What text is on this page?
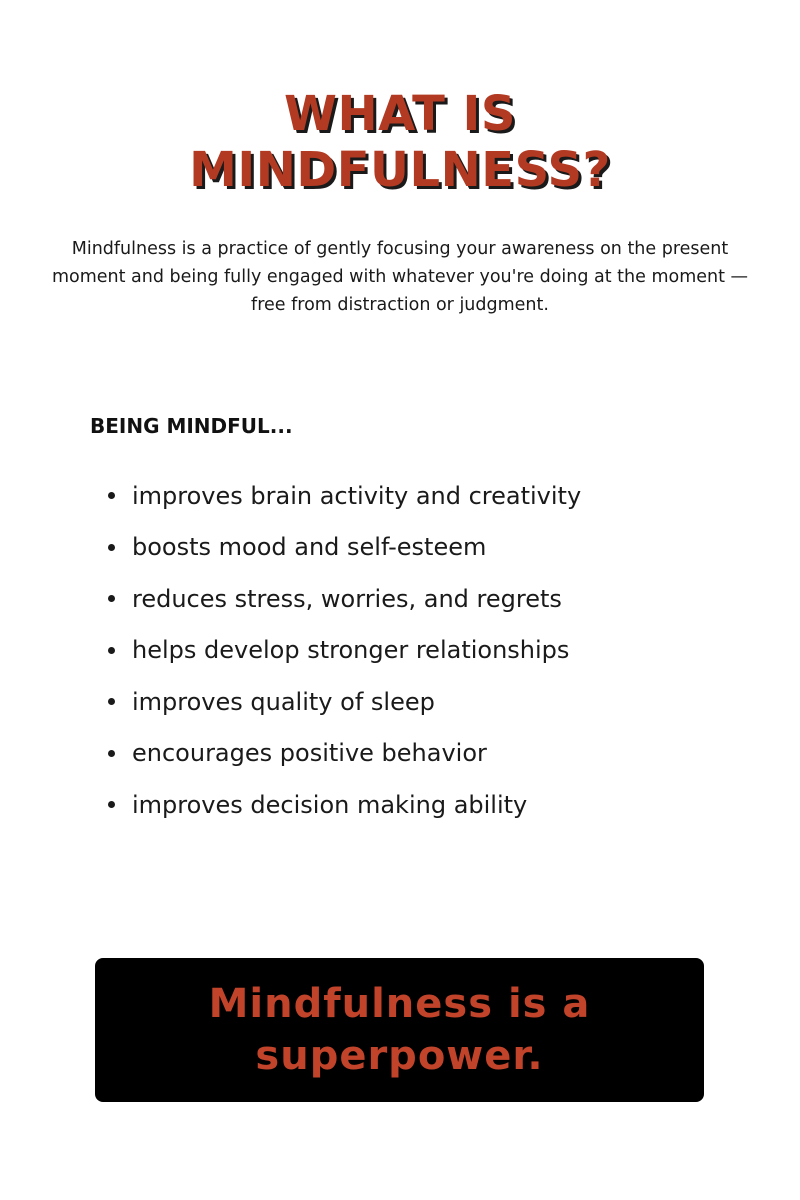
WHAT IS
MINDFULNESS?

Mindfulness is a practice of gently focusing your awareness on the present moment and being fully engaged with whatever you're doing at the moment — free from distraction or judgment.

BEING MINDFUL...
improves brain activity and creativity
boosts mood and self-esteem
reduces stress, worries, and regrets
helps develop stronger relationships
improves quality of sleep
encourages positive behavior
improves decision making ability

Mindfulness is a
superpower.
